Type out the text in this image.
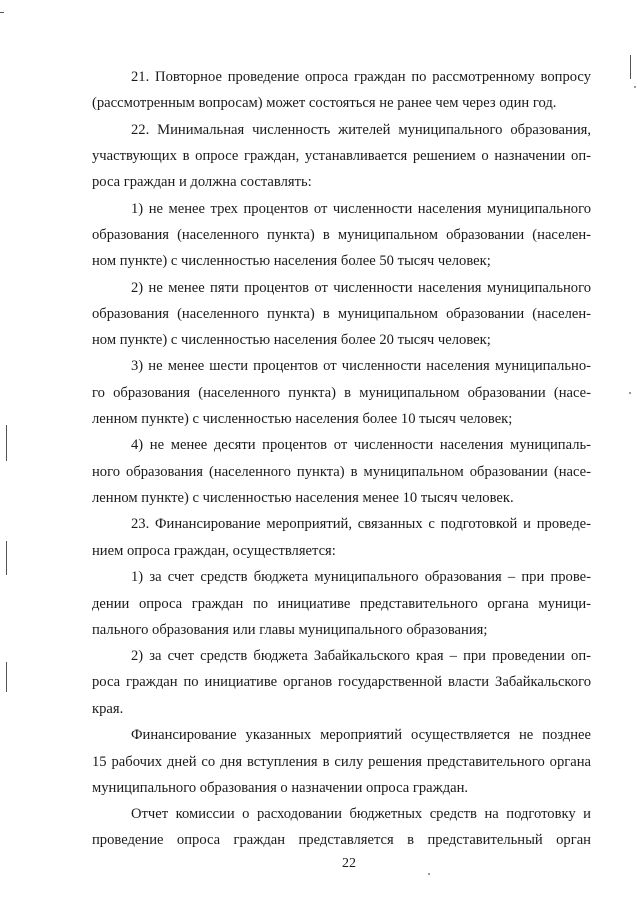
21. Повторное проведение опроса граждан по рассмотренному вопросу
(рассмотренным вопросам) может состояться не ранее чем через один год.
22. Минимальная численность жителей муниципального образования,
участвующих в опросе граждан, устанавливается решением о назначении оп-
роса граждан и должна составлять:
1) не менее трех процентов от численности населения муниципального
образования (населенного пункта) в муниципальном образовании (населен-
ном пункте) с численностью населения более 50 тысяч человек;
2) не менее пяти процентов от численности населения муниципального
образования (населенного пункта) в муниципальном образовании (населен-
ном пункте) с численностью населения более 20 тысяч человек;
3) не менее шести процентов от численности населения муниципально-
го образования (населенного пункта) в муниципальном образовании (насе-
ленном пункте) с численностью населения более 10 тысяч человек;
4) не менее десяти процентов от численности населения муниципаль-
ного образования (населенного пункта) в муниципальном образовании (насе-
ленном пункте) с численностью населения менее 10 тысяч человек.
23. Финансирование мероприятий, связанных с подготовкой и проведе-
нием опроса граждан, осуществляется:
1) за счет средств бюджета муниципального образования – при прове-
дении опроса граждан по инициативе представительного органа муници-
пального образования или главы муниципального образования;
2) за счет средств бюджета Забайкальского края – при проведении оп-
роса граждан по инициативе органов государственной власти Забайкальского
края.
Финансирование указанных мероприятий осуществляется не позднее
15 рабочих дней со дня вступления в силу решения представительного органа
муниципального образования о назначении опроса граждан.
Отчет комиссии о расходовании бюджетных средств на подготовку и
проведение опроса граждан представляется в представительный орган
22
